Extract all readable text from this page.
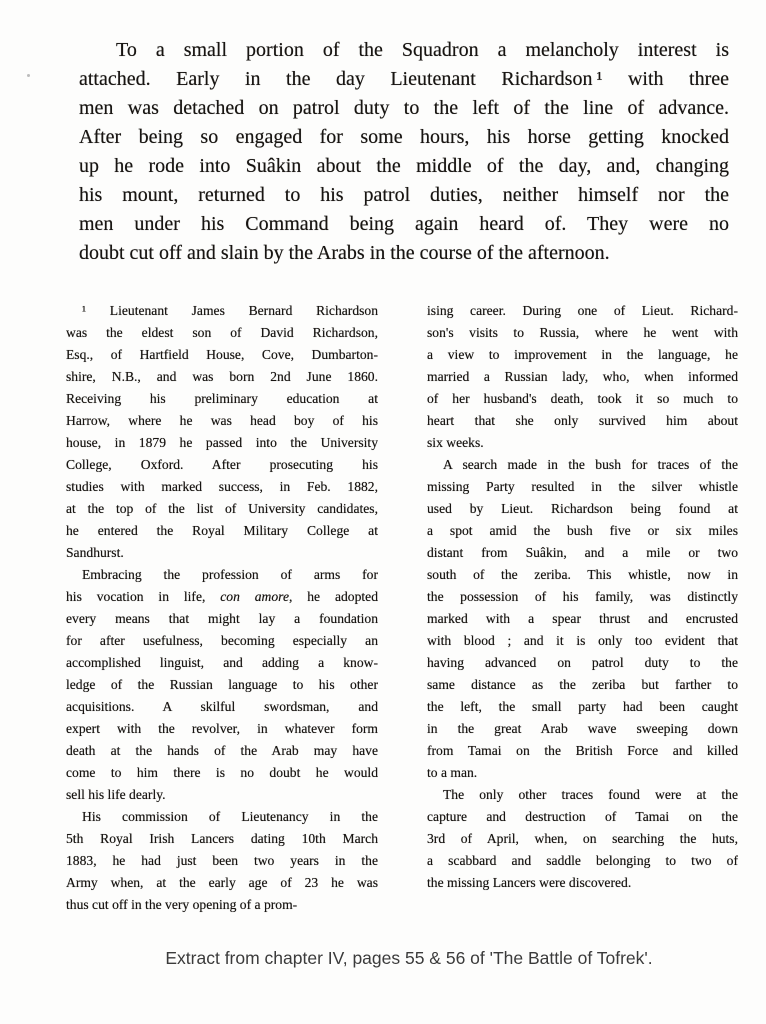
To a small portion of the Squadron a melancholy interest is
attached. Early in the day Lieutenant Richardson ¹ with three
men was detached on patrol duty to the left of the line of advance.
After being so engaged for some hours, his horse getting knocked
up he rode into Suâkin about the middle of the day, and, changing
his mount, returned to his patrol duties, neither himself nor the
men under his Command being again heard of. They were no
doubt cut off and slain by the Arabs in the course of the afternoon.
¹ Lieutenant James Bernard Richardson
was the eldest son of David Richardson,
Esq., of Hartfield House, Cove, Dumbarton-
shire, N.B., and was born 2nd June 1860.
Receiving his preliminary education at
Harrow, where he was head boy of his
house, in 1879 he passed into the University
College, Oxford. After prosecuting his
studies with marked success, in Feb. 1882,
at the top of the list of University candidates,
he entered the Royal Military College at
Sandhurst.
Embracing the profession of arms for
his vocation in life, con amore, he adopted
every means that might lay a foundation
for after usefulness, becoming especially an
accomplished linguist, and adding a know-
ledge of the Russian language to his other
acquisitions. A skilful swordsman, and
expert with the revolver, in whatever form
death at the hands of the Arab may have
come to him there is no doubt he would
sell his life dearly.
His commission of Lieutenancy in the
5th Royal Irish Lancers dating 10th March
1883, he had just been two years in the
Army when, at the early age of 23 he was
thus cut off in the very opening of a prom-
ising career. During one of Lieut. Richard-
son's visits to Russia, where he went with
a view to improvement in the language, he
married a Russian lady, who, when informed
of her husband's death, took it so much to
heart that she only survived him about
six weeks.
A search made in the bush for traces of the
missing Party resulted in the silver whistle
used by Lieut. Richardson being found at
a spot amid the bush five or six miles
distant from Suâkin, and a mile or two
south of the zeriba. This whistle, now in
the possession of his family, was distinctly
marked with a spear thrust and encrusted
with blood ; and it is only too evident that
having advanced on patrol duty to the
same distance as the zeriba but farther to
the left, the small party had been caught
in the great Arab wave sweeping down
from Tamai on the British Force and killed
to a man.
The only other traces found were at the
capture and destruction of Tamai on the
3rd of April, when, on searching the huts,
a scabbard and saddle belonging to two of
the missing Lancers were discovered.
Extract from chapter IV, pages 55 & 56 of 'The Battle of Tofrek'.
